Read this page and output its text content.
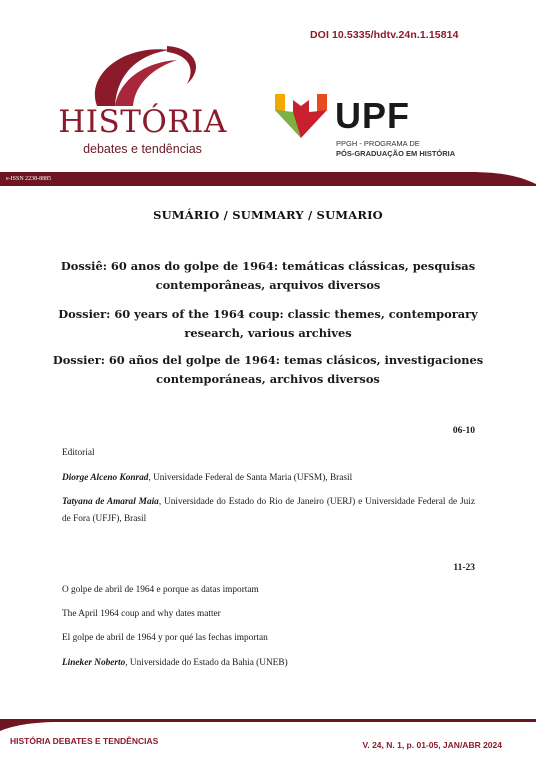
DOI 10.5335/hdtv.24n.1.15814
HISTÓRIA
debates e tendências
UPF
PPGH - PROGRAMA DE
PÓS-GRADUAÇÃO EM HISTÓRIA
e-ISSN 2238-8885
SUMÁRIO / SUMMARY / SUMARIO
Dossiê: 60 anos do golpe de 1964: temáticas clássicas, pesquisas contemporâneas, arquivos diversos
Dossier: 60 years of the 1964 coup: classic themes, contemporary research, various archives
Dossier: 60 años del golpe de 1964: temas clásicos, investigaciones contemporáneas, archivos diversos
06-10
Editorial
Diorge Alceno Konrad, Universidade Federal de Santa Maria (UFSM), Brasil
Tatyana de Amaral Maia, Universidade do Estado do Rio de Janeiro (UERJ) e Universidade Federal de Juiz de Fora (UFJF), Brasil
11-23
O golpe de abril de 1964 e porque as datas importam
The April 1964 coup and why dates matter
El golpe de abril de 1964 y por qué las fechas importan
Lineker Noberto, Universidade do Estado da Bahia (UNEB)
HISTÓRIA DEBATES E TENDÊNCIAS	V. 24, N. 1, p. 01-05, JAN/ABR 2024
